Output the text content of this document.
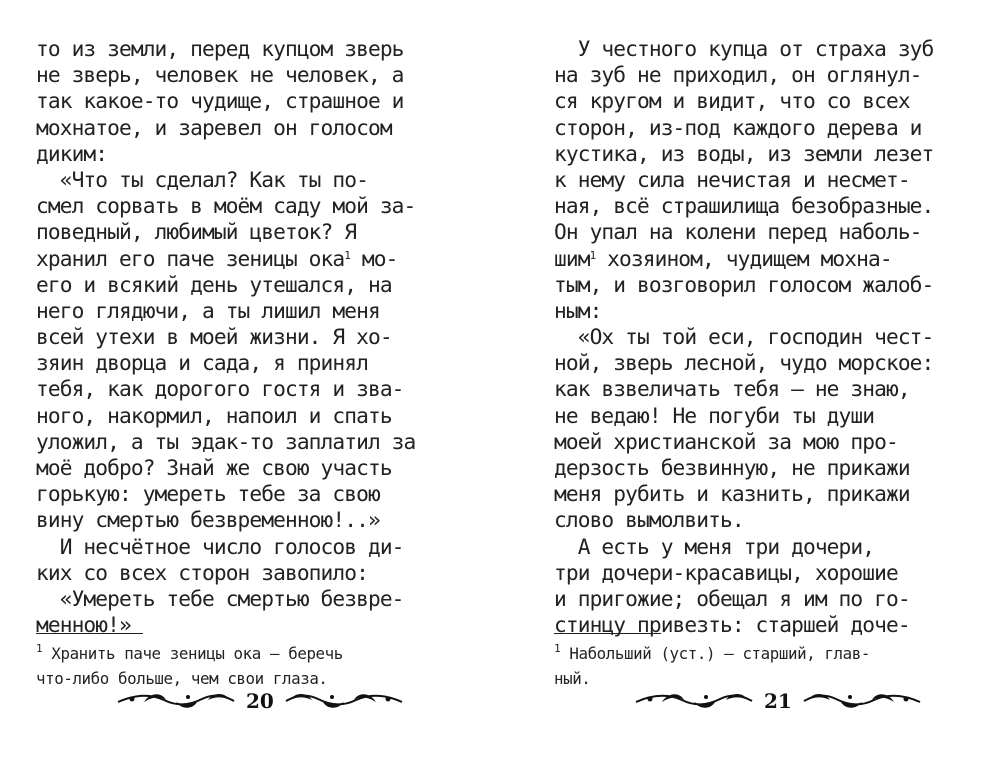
то из земли, перед купцом зверь
не зверь, человек не человек, а
так какое-то чудище, страшное и
мохнатое, и заревел он голосом
диким:
«Что ты сделал? Как ты по-
смел сорвать в моём саду мой за-
поведный, любимый цветок? Я
хранил его паче зеницы ока$^1$ мо-
его и всякий день утешался, на
него глядючи, а ты лишил меня
всей утехи в моей жизни. Я хо-
зяин дворца и сада, я принял
тебя, как дорогого гостя и зва-
ного, накормил, напоил и спать
уложил, а ты эдак-то заплатил за
моё добро? Знай же свою участь
горькую: умереть тебе за свою
вину смертью безвременною!..»
И несчётное число голосов ди-
ких со всех сторон завопило:
«Умереть тебе смертью безвре-
менною!»
$^1$ Хранить паче зеницы ока — беречь
что-либо больше, чем свои глаза.
20
У честного купца от страха зуб
на зуб не приходил, он оглянул-
ся кругом и видит, что со всех
сторон, из-под каждого дерева и
кустика, из воды, из земли лезет
к нему сила нечистая и несмет-
ная, всё страшилища безобразные.
Он упал на колени перед наболь-
шим$^1$ хозяином, чудищем мохна-
тым, и возговорил голосом жалоб-
ным:
«Ох ты той еси, господин чест-
ной, зверь лесной, чудо морское:
как взвеличать тебя — не знаю,
не ведаю! Не погуби ты души
моей христианской за мою про-
дерзость безвинную, не прикажи
меня рубить и казнить, прикажи
слово вымолвить.
А есть у меня три дочери,
три дочери-красавицы, хорошие
и пригожие; обещал я им по го-
стинцу привезть: старшей доче-
$^1$ Набольший (уст.) — старший, глав-
ный.
21
